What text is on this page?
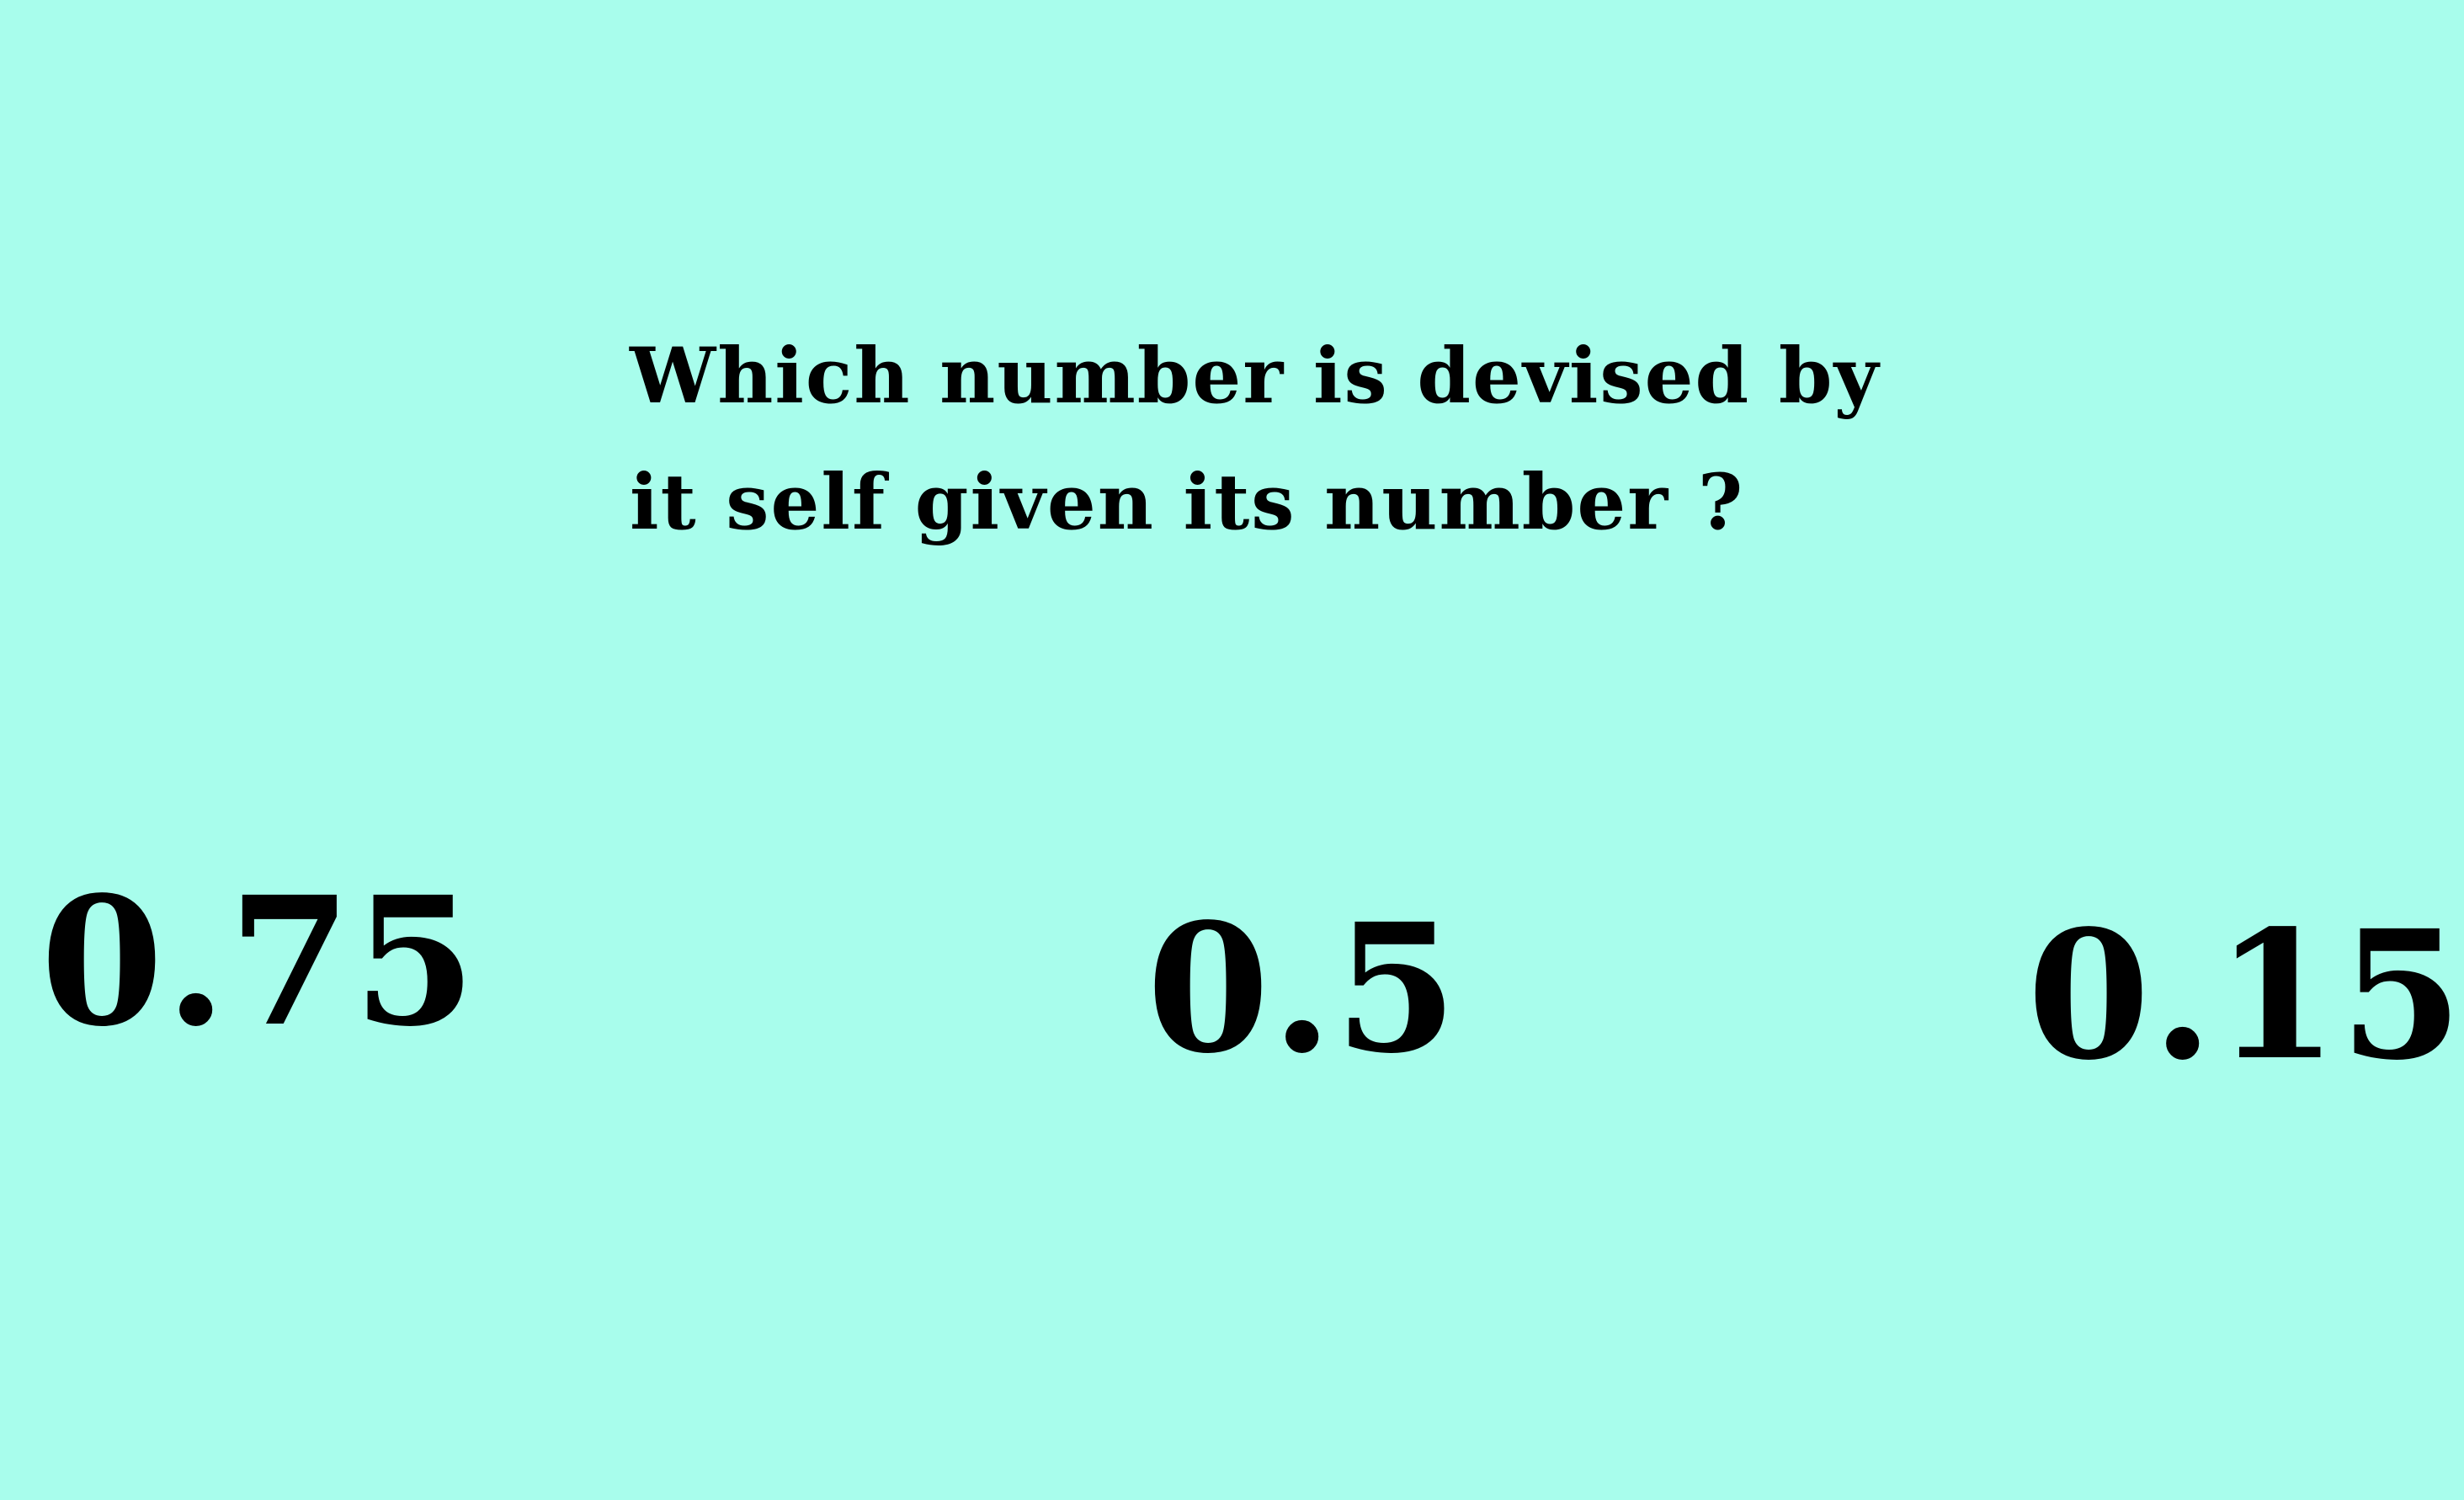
Which number is devised by
it self given its number ?
0.75	0.5	0.15
